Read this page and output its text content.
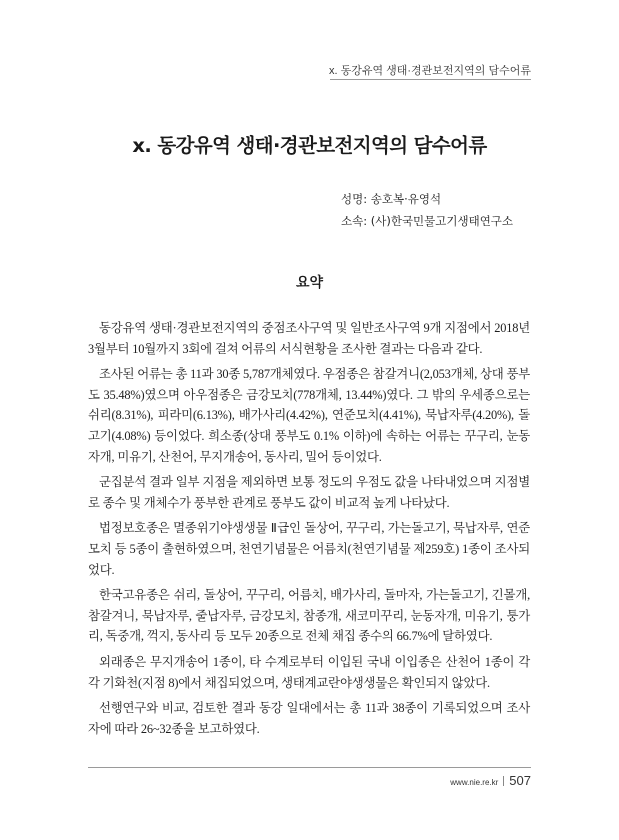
x. 동강유역 생태·경관보전지역의 담수어류
x. 동강유역 생태·경관보전지역의 담수어류
성명: 송호복·유영석
소속: (사)한국민물고기생태연구소
요약

동강유역 생태·경관보전지역의 중점조사구역 및 일반조사구역 9개 지점에서 2018년 3월부터 10월까지 3회에 걸쳐 어류의 서식현황을 조사한 결과는 다음과 같다.

조사된 어류는 총 11과 30종 5,787개체였다. 우점종은 참갈겨니(2,053개체, 상대 풍부도 35.48%)였으며 아우점종은 금강모치(778개체, 13.44%)였다. 그 밖의 우세종으로는 쉬리(8.31%), 피라미(6.13%), 배가사리(4.42%), 연준모치(4.41%), 묵납자루(4.20%), 돌고기(4.08%) 등이었다. 희소종(상대 풍부도 0.1% 이하)에 속하는 어류는 꾸구리, 눈동자개, 미유기, 산천어, 무지개송어, 동사리, 밀어 등이었다.

군집분석 결과 일부 지점을 제외하면 보통 정도의 우점도 값을 나타내었으며 지점별로 종수 및 개체수가 풍부한 관계로 풍부도 값이 비교적 높게 나타났다.

법정보호종은 멸종위기야생생물 Ⅱ급인 돌상어, 꾸구리, 가는돌고기, 묵납자루, 연준모치 등 5종이 출현하였으며, 천연기념물은 어름치(천연기념물 제259호) 1종이 조사되었다.

한국고유종은 쉬리, 돌상어, 꾸구리, 어름치, 배가사리, 돌마자, 가는돌고기, 긴몰개, 참갈겨니, 묵납자루, 줄납자루, 금강모치, 참종개, 새코미꾸리, 눈동자개, 미유기, 퉁가리, 독중개, 꺽지, 동사리 등 모두 20종으로 전체 채집 종수의 66.7%에 달하였다.

외래종은 무지개송어 1종이, 타 수계로부터 이입된 국내 이입종은 산천어 1종이 각각 기화천(지점 8)에서 채집되었으며, 생태계교란야생생물은 확인되지 않았다.

선행연구와 비교, 검토한 결과 동강 일대에서는 총 11과 38종이 기록되었으며 조사자에 따라 26~32종을 보고하였다.

www.nie.re.kr 507
